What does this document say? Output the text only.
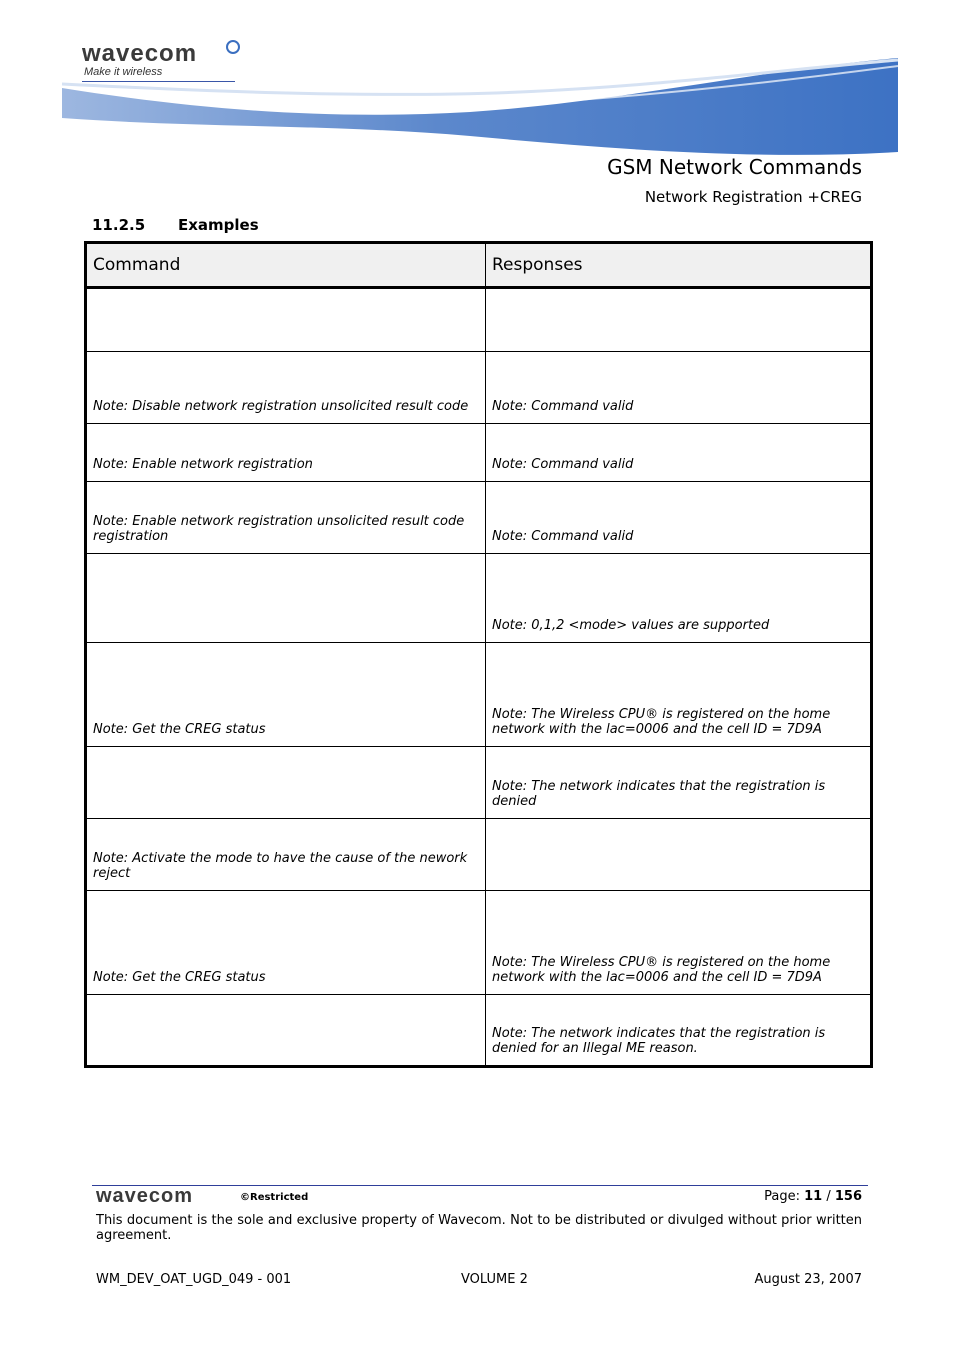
wavecom
Make it wireless
GSM Network Commands
Network Registration +CREG
11.2.5 Examples
Command	Responses

Note: Disable network registration unsolicited result code	Note: Command valid

Note: Enable network registration	Note: Command valid

Note: Enable network registration unsolicited result code registration	Note: Command valid

	Note: 0,1,2 <mode> values are supported

Note: Get the CREG status	Note: The Wireless CPU® is registered on the home network with the lac=0006 and the cell ID = 7D9A

	Note: The network indicates that the registration is denied

Note: Activate the mode to have the cause of the nework reject	

Note: Get the CREG status	Note: The Wireless CPU® is registered on the home network with the lac=0006 and the cell ID = 7D9A

	Note: The network indicates that the registration is denied for an Illegal ME reason.
wavecom	©Restricted	Page: 11 / 156
This document is the sole and exclusive property of Wavecom. Not to be distributed or divulged without prior written agreement.
WM_DEV_OAT_UGD_049 - 001	VOLUME 2	August 23, 2007
